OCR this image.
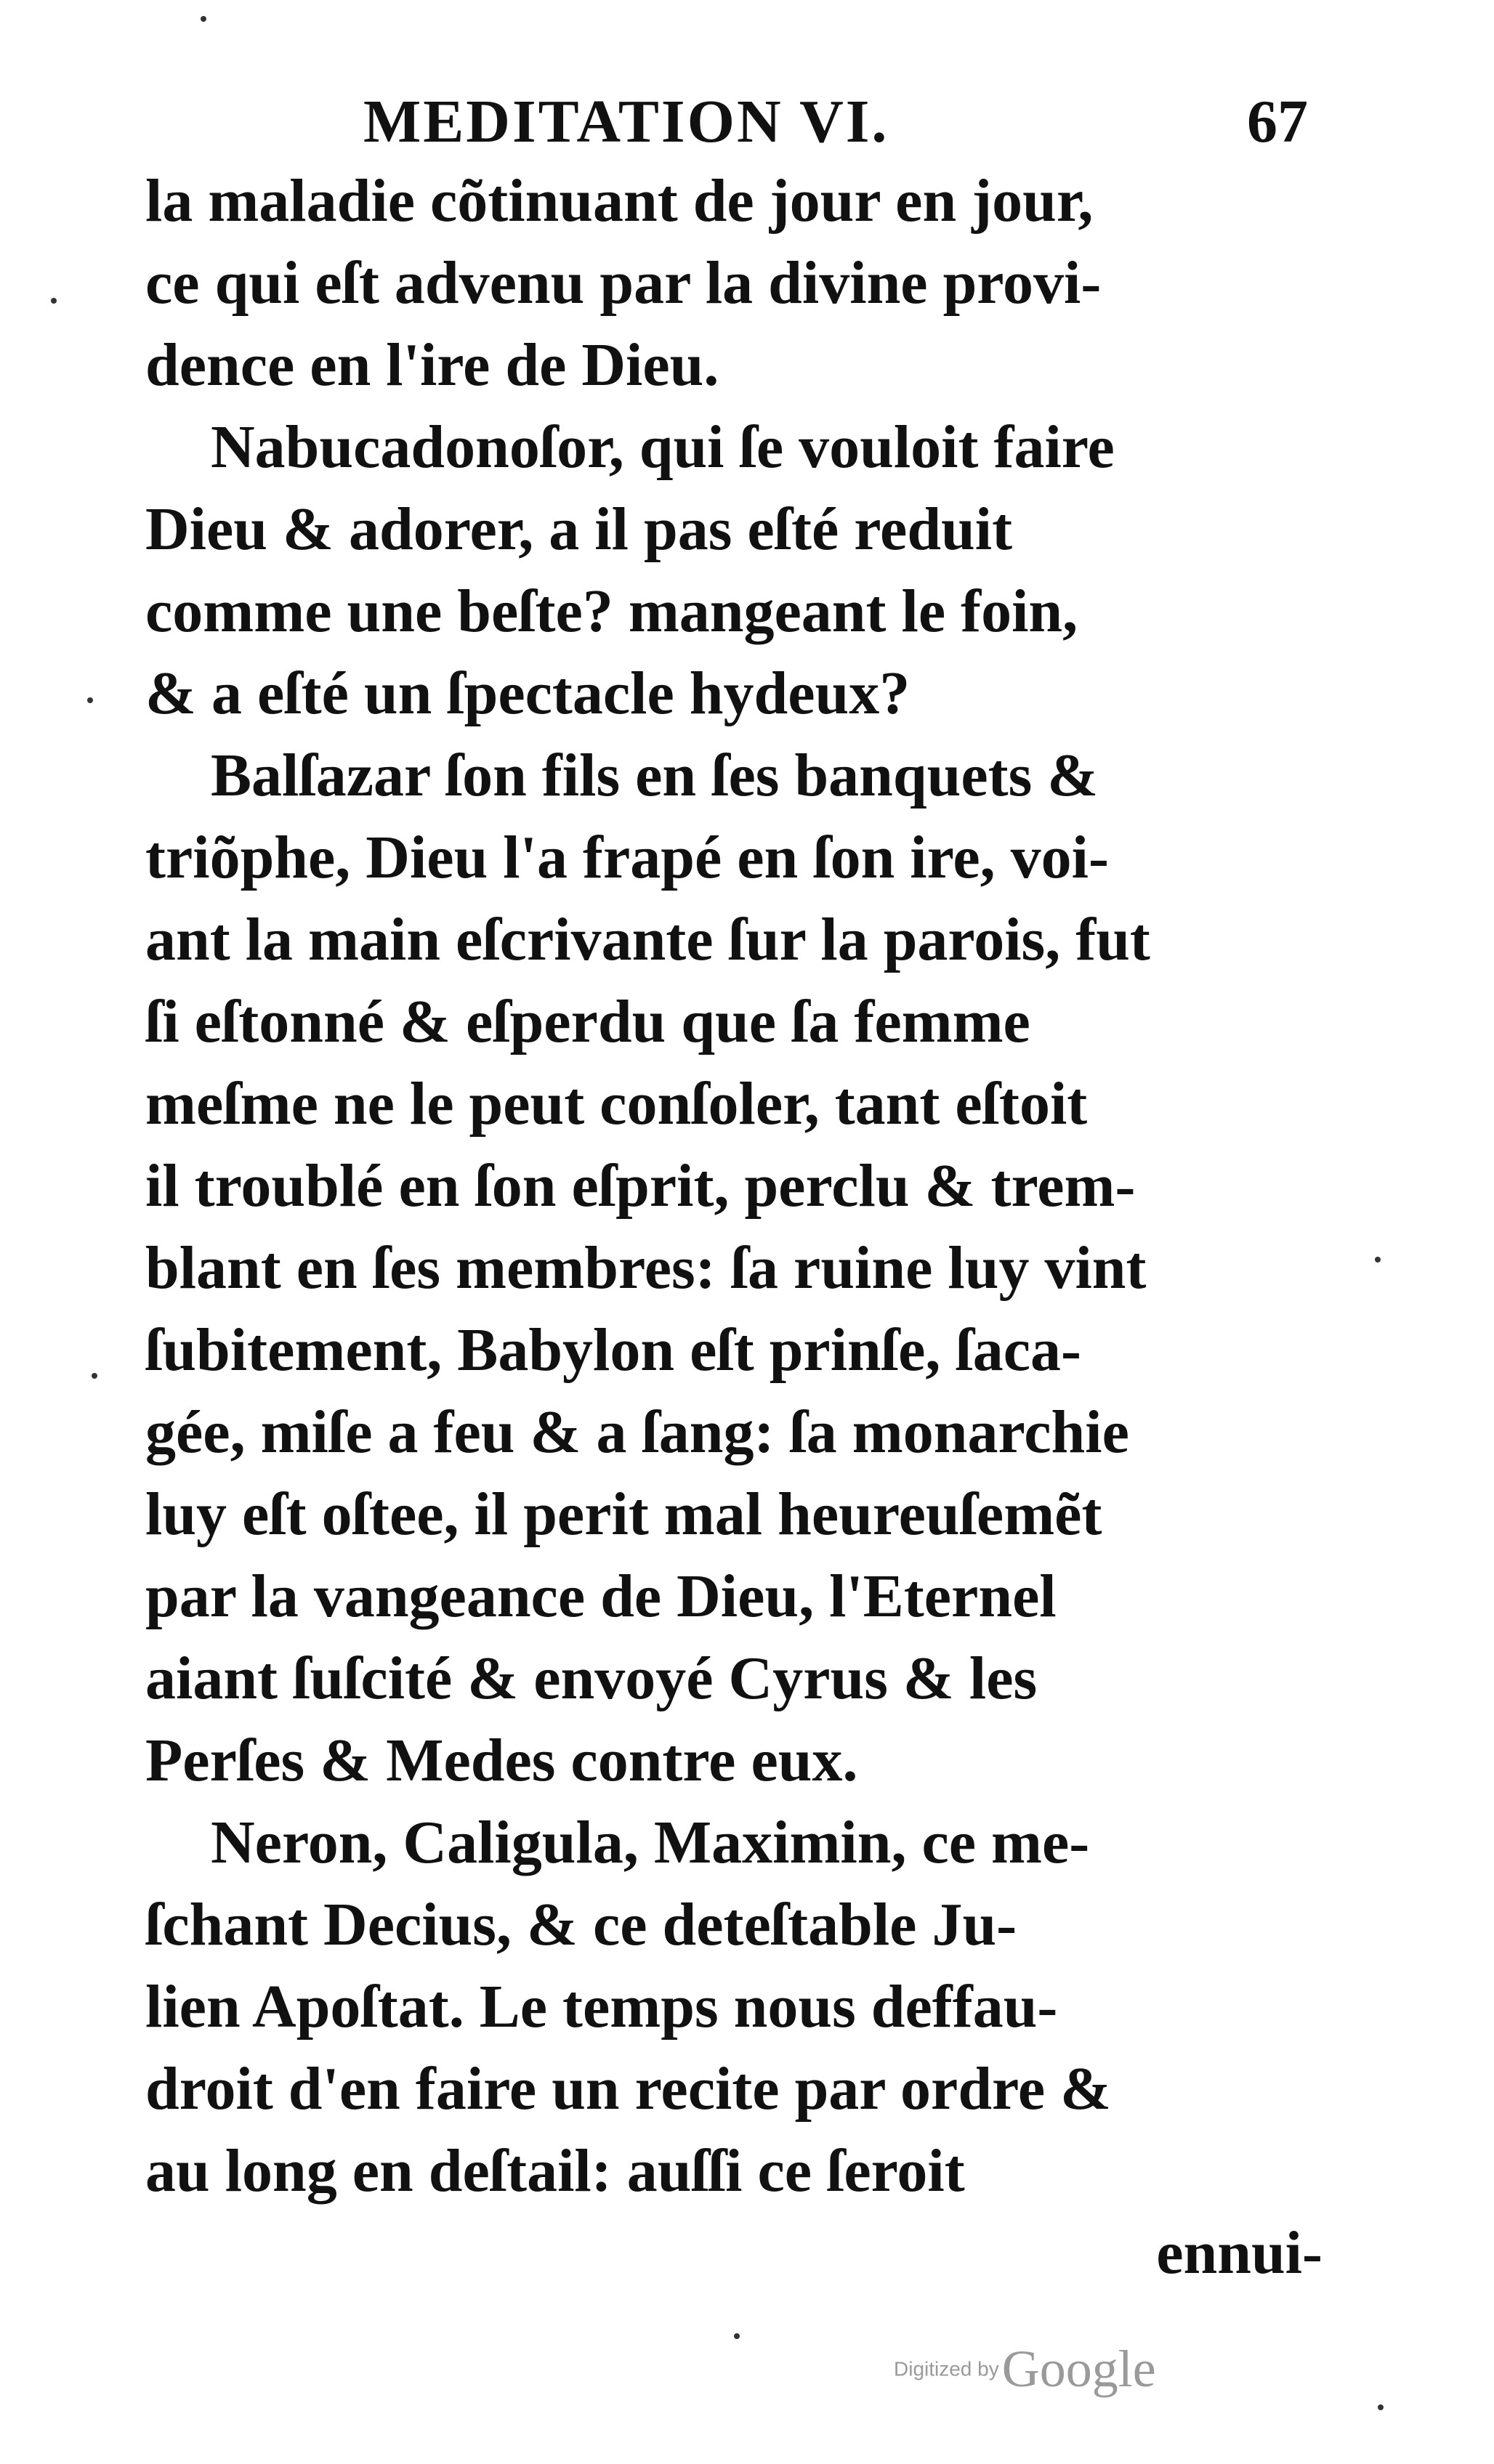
MEDITATION VI.	67
la maladie cõtinuant de jour en jour,
ce qui eſt advenu par la divine provi-
dence en l'ire de Dieu.
Nabucadonoſor, qui ſe vouloit faire
Dieu & adorer, a il pas eſté reduit
comme une beſte? mangeant le foin,
& a eſté un ſpectacle hydeux?
Balſazar ſon fils en ſes banquets &
triõphe, Dieu l'a frapé en ſon ire, voi-
ant la main eſcrivante ſur la parois, fut
ſi eſtonné & eſperdu que ſa femme
meſme ne le peut conſoler, tant eſtoit
il troublé en ſon eſprit, perclu & trem-
blant en ſes membres: ſa ruine luy vint
ſubitement, Babylon eſt prinſe, ſaca-
gée, miſe a feu & a ſang: ſa monarchie
luy eſt oſtee, il perit mal heureuſemẽt
par la vangeance de Dieu, l'Eternel
aiant ſuſcité & envoyé Cyrus & les
Perſes & Medes contre eux.
Neron, Caligula, Maximin, ce me-
ſchant Decius, & ce deteſtable Ju-
lien Apoſtat. Le temps nous deffau-
droit d'en faire un recite par ordre &
au long en deſtail: auſſi ce ſeroit
ennui-
Digitized by Google
